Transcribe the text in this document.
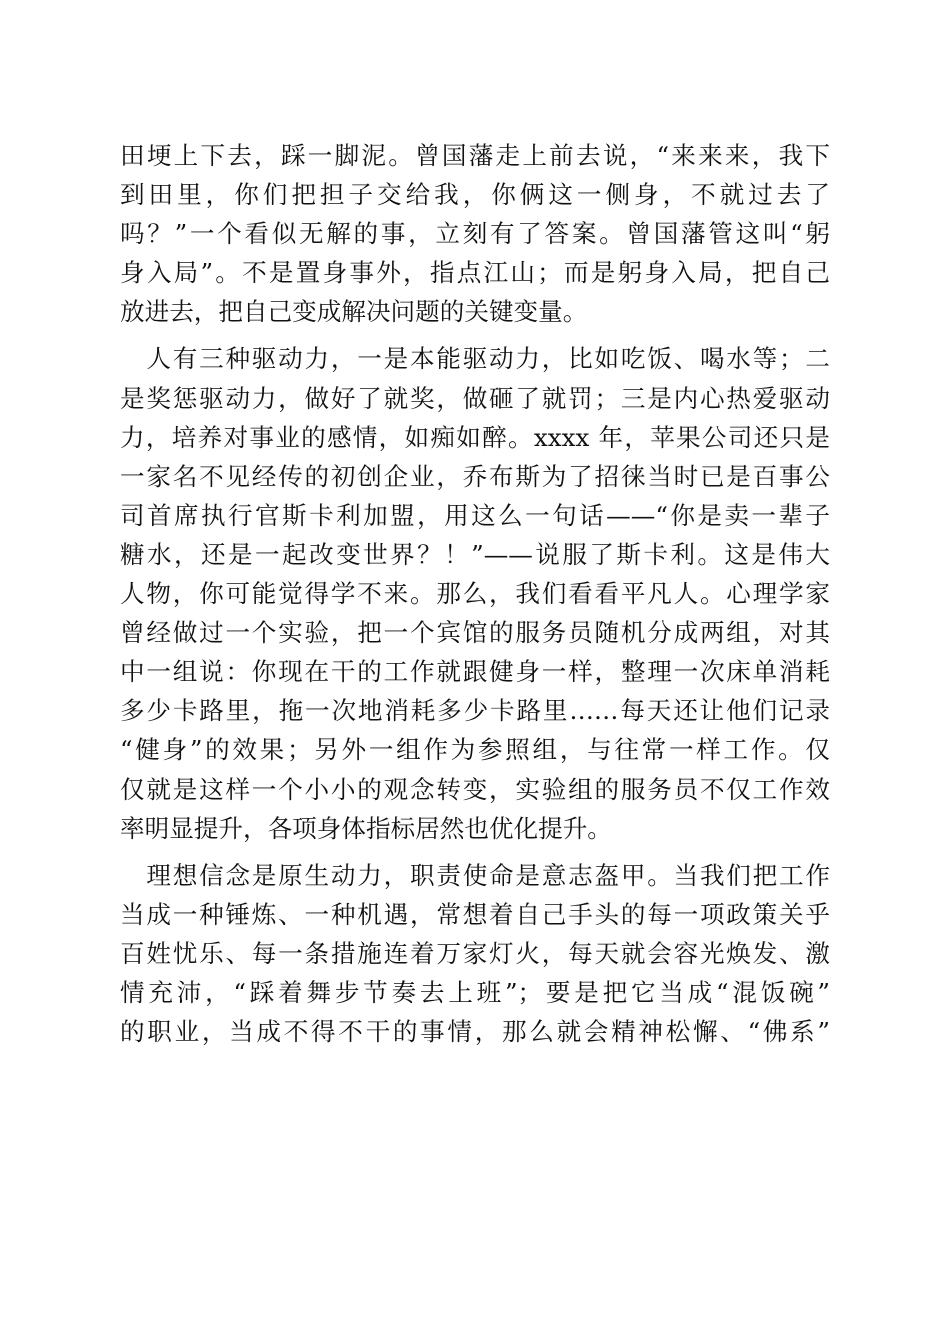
田埂上下去，踩一脚泥。曾国藩走上前去说，“来来来，我下
到田里，你们把担子交给我，你俩这一侧身，不就过去了
吗？”一个看似无解的事，立刻有了答案。曾国藩管这叫“躬
身入局”。不是置身事外，指点江山；而是躬身入局，把自己
放进去，把自己变成解决问题的关键变量。
　人有三种驱动力，一是本能驱动力，比如吃饭、喝水等；二
是奖惩驱动力，做好了就奖，做砸了就罚；三是内心热爱驱动
力，培养对事业的感情，如痴如醉。xxxx 年，苹果公司还只是
一家名不见经传的初创企业，乔布斯为了招徕当时已是百事公
司首席执行官斯卡利加盟，用这么一句话——“你是卖一辈子
糖水，还是一起改变世界？！”——说服了斯卡利。这是伟大
人物，你可能觉得学不来。那么，我们看看平凡人。心理学家
曾经做过一个实验，把一个宾馆的服务员随机分成两组，对其
中一组说：你现在干的工作就跟健身一样，整理一次床单消耗
多少卡路里，拖一次地消耗多少卡路里……每天还让他们记录
“健身”的效果；另外一组作为参照组，与往常一样工作。仅
仅就是这样一个小小的观念转变，实验组的服务员不仅工作效
率明显提升，各项身体指标居然也优化提升。
　理想信念是原生动力，职责使命是意志盔甲。当我们把工作
当成一种锤炼、一种机遇，常想着自己手头的每一项政策关乎
百姓忧乐、每一条措施连着万家灯火，每天就会容光焕发、激
情充沛，“踩着舞步节奏去上班”；要是把它当成“混饭碗”
的职业，当成不得不干的事情，那么就会精神松懈、“佛系”
